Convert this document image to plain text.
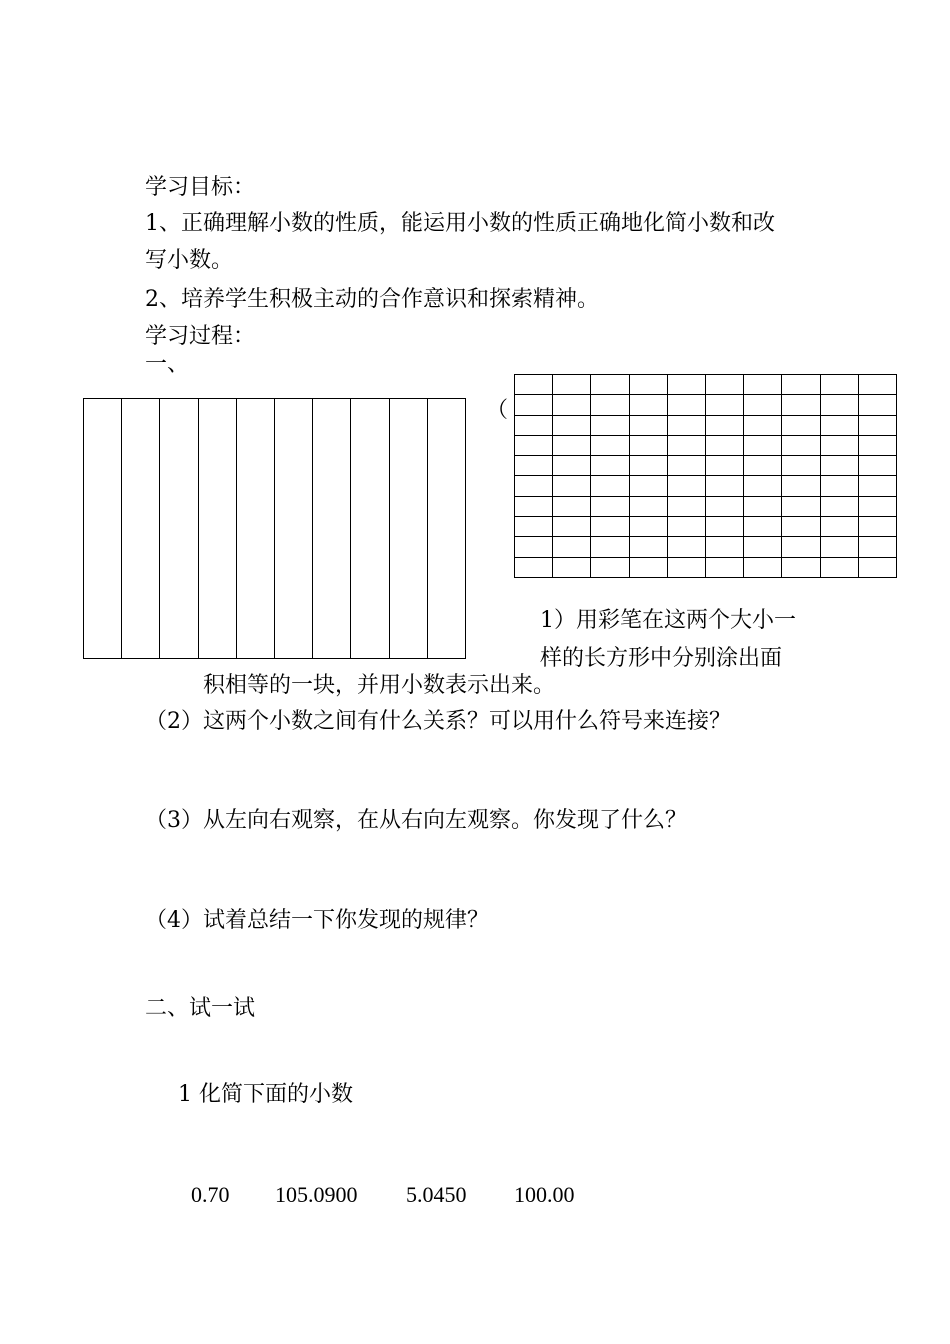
学习目标：

1、正确理解小数的性质，能运用小数的性质正确地化简小数和改

写小数。

2、培养学生积极主动的合作意识和探索精神。

学习过程：

一、

（

1）用彩笔在这两个大小一

样的长方形中分别涂出面

积相等的一块，并用小数表示出来。

（2）这两个小数之间有什么关系？可以用什么符号来连接？

（3）从左向右观察，在从右向左观察。你发现了什么？

（4）试着总结一下你发现的规律？

二、试一试

1 化简下面的小数

0.70 105.0900 5.0450 100.00
